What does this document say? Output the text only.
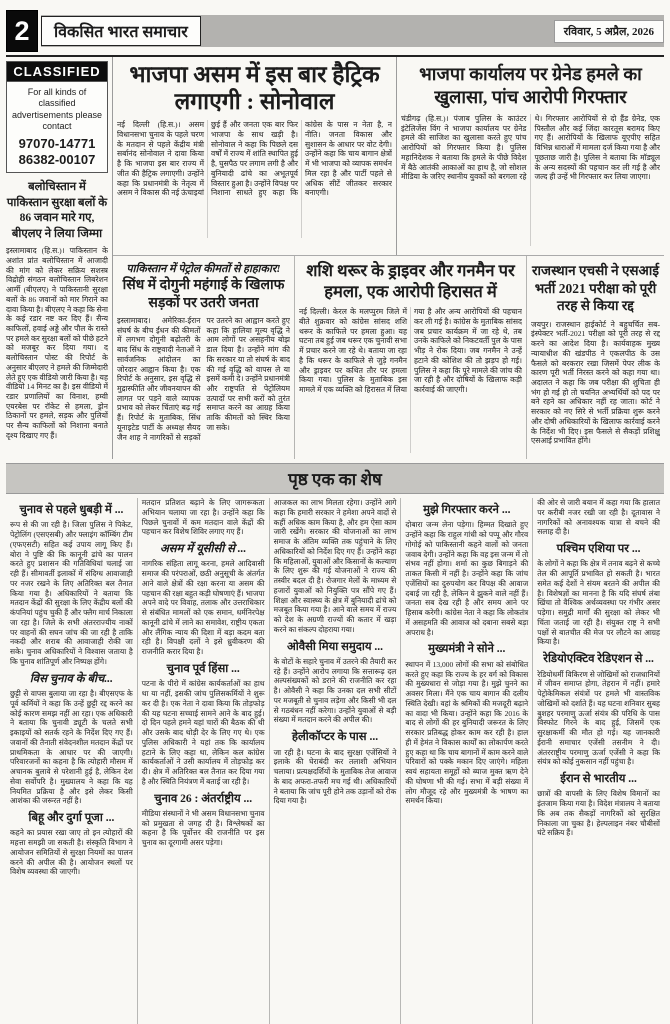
2	विकसित भारत समाचार	रविवार, 5 अप्रैल, 2026
CLASSIFIED
For all kinds of classified advertisements please contact
97070-14771
86382-00107
बलोचिस्तान में पाकिस्तान सुरक्षा बलों के 86 जवान मारे गए, बीएलए ने लिया जिम्मा
इस्लामाबाद (हि.स.)। पाकिस्तान के अशांत प्रांत बलोचिस्तान में आजादी की मांग को लेकर सक्रिय सशस्त्र विद्रोही संगठन बलोचिस्तान लिबरेशन आर्मी (बीएलए) ने पाकिस्तानी सुरक्षा बलों के 86 जवानों को मार गिराने का दावा किया है। बीएलए ने कहा कि सेना के कई रडार नष्ट कर दिए हैं। सैन्य काफिलों, हवाई अड्डे और पौल के रास्ते पर हमले कर सुरक्षा बलों को पीछे हटने को मजबूर कर दिया गया। द बलोचिस्तान पोस्ट की रिपोर्ट के अनुसार बीएलए ने हमले की जिम्मेदारी लेते हुए एक वीडियो जारी किया है। यह वीडियो 14 मिनट का है। इस वीडियो में रडार प्रणालियों का विनाश, हम्वी एयरबेस पर रॉकेट से हमला, ड्रोन ठिकानों पर हमले, सड़क और पुलियों पर सैन्य काफिलों को निशाना बनाते दृश्य दिखाए गए हैं।
भाजपा असम में इस बार हैट्रिक लगाएगी : सोनोवाल
नई दिल्ली (हि.स.)। असम विधानसभा चुनाव के पहले चरण के मतदान से पहले केंद्रीय मंत्री सर्बानंद सोनोवाल ने दावा किया है कि भाजपा इस बार राज्य में जीत की हैट्रिक लगाएगी। उन्होंने कहा कि प्रधानमंत्री के नेतृत्व में असम ने विकास की नई ऊंचाइयां छुई हैं और जनता एक बार फिर भाजपा के साथ खड़ी है। सोनोवाल ने कहा कि पिछले दस वर्षों में राज्य में शांति स्थापित हुई है, घुसपैठ पर लगाम लगी है और बुनियादी ढांचे का अभूतपूर्व विस्तार हुआ है। उन्होंने विपक्ष पर निशाना साधते हुए कहा कि कांग्रेस के पास न नेता है, न नीति। जनता विकास और सुशासन के आधार पर वोट देगी। उन्होंने कहा कि चाय बागान क्षेत्रों में भी भाजपा को व्यापक समर्थन मिल रहा है और पार्टी पहले से अधिक सीटें जीतकर सरकार बनाएगी।
भाजपा कार्यालय पर ग्रेनेड हमले का खुलासा, पांच आरोपी गिरफ्तार
चंडीगढ़ (हि.स.)। पंजाब पुलिस के काउंटर इंटेलिजेंस विंग ने भाजपा कार्यालय पर ग्रेनेड हमले की साजिश का खुलासा करते हुए पांच आरोपियों को गिरफ्तार किया है। पुलिस महानिदेशक ने बताया कि हमले के पीछे विदेश में बैठे आतंकी आकाओं का हाथ है, जो सोशल मीडिया के जरिए स्थानीय युवकों को बरगला रहे थे। गिरफ्तार आरोपियों से दो हैंड ग्रेनेड, एक पिस्तौल और कई जिंदा कारतूस बरामद किए गए हैं। आरोपियों के खिलाफ यूएपीए सहित विभिन्न धाराओं में मामला दर्ज किया गया है और पूछताछ जारी है। पुलिस ने बताया कि मॉड्यूल के अन्य सदस्यों की पहचान कर ली गई है और जल्द ही उन्हें भी गिरफ्तार कर लिया जाएगा।
पाकिस्तान में पेट्रोल कीमतों से हाहाकार!
सिंध में दोगुनी महंगाई के खिलाफ सड़कों पर उतरी जनता
इस्लामाबाद। अमेरिका-ईरान संघर्ष के बीच ईंधन की कीमतों में लगभग दोगुनी बढ़ोतरी के बाद सिंध के राष्ट्रवादी नेताओं ने सार्वजनिक आंदोलन का जोरदार आह्वान किया है। एक रिपोर्ट के अनुसार, इस वृद्धि से मुद्रास्फीति और जीवनयापन की लागत पर पड़ने वाले व्यापक प्रभाव को लेकर चिंताएं बढ़ गई हैं। रिपोर्ट के मुताबिक, सिंध यूनाइटेड पार्टी के अध्यक्ष सैयद जैन शाह ने नागरिकों से सड़कों पर उतरने का आह्वान करते हुए कहा कि हालिया मूल्य वृद्धि ने आम लोगों पर असहनीय बोझ डाल दिया है। उन्होंने मांग की कि सरकार या तो संघर्ष के बाद की गई वृद्धि को वापस ले या इसमें कमी दे। उन्होंने प्रधानमंत्री और राष्ट्रपति से पेट्रोलियम उत्पादों पर सभी करों को तुरंत समाप्त करने का आग्रह किया ताकि कीमतों को स्थिर किया जा सके।
शशि थरूर के ड्राइवर और गनमैन पर हमला, एक आरोपी हिरासत में
नई दिल्ली। केरल के मलप्पुरम जिले में बीते शुक्रवार को कांग्रेस सांसद शशि थरूर के काफिले पर हमला हुआ। यह घटना तब हुई जब थरूर एक चुनावी सभा में प्रचार करने जा रहे थे। बताया जा रहा है कि थरूर के काफिले से जुड़े गनमैन और ड्राइवर पर कथित तौर पर हमला किया गया। पुलिस के मुताबिक इस मामले में एक व्यक्ति को हिरासत में लिया गया है और अन्य आरोपियों की पहचान कर ली गई है। कांग्रेस के मुताबिक सांसद जब प्रचार कार्यक्रम में जा रहे थे, तब उनके काफिले को निकटवर्ती पुल के पास भीड़ ने रोक दिया। जब गनमैन ने उन्हें हटाने की कोशिश की तो झड़प हो गई। पुलिस ने कहा कि पूरे मामले की जांच की जा रही है और दोषियों के खिलाफ कड़ी कार्रवाई की जाएगी।
राजस्थान एचसी ने एसआई भर्ती 2021 परीक्षा को पूरी तरह से किया रद्द
जयपुर। राजस्थान हाईकोर्ट ने बहुचर्चित सब-इंस्पेक्टर भर्ती-2021 परीक्षा को पूरी तरह से रद्द करने का आदेश दिया है। कार्यवाहक मुख्य न्यायाधीश की खंडपीठ ने एकलपीठ के उस फैसले को बरकरार रखा जिसमें पेपर लीक के कारण पूरी भर्ती निरस्त करने को कहा गया था। अदालत ने कहा कि जब परीक्षा की शुचिता ही भंग हो गई हो तो चयनित अभ्यर्थियों को पद पर बने रहने का अधिकार नहीं रह जाता। कोर्ट ने सरकार को नए सिरे से भर्ती प्रक्रिया शुरू करने और दोषी अधिकारियों के खिलाफ कार्रवाई करने के निर्देश भी दिए। इस फैसले से सैकड़ों प्रशिक्षु एसआई प्रभावित होंगे।
पृष्ठ एक का शेष
चुनाव से पहले धुबड़ी में ...
रूप से की जा रही है। जिला पुलिस ने पिकेट, पेट्रोलिंग (एसएसबी) और फ्लाइंग कॉम्बिंग टीम (एफएसटी) सहित कई उपाय लागू किए हैं। बोरा ने पुष्टि की कि कानूनी ढांचे का पालन करते हुए प्रशासन की गतिविधियां चलाई जा रही हैं। सीमावर्ती इलाकों में संदिग्ध आवाजाही पर नजर रखने के लिए अतिरिक्त बल तैनात किया गया है। अधिकारियों ने बताया कि मतदान केंद्रों की सुरक्षा के लिए केंद्रीय बलों की कंपनियां पहुंच चुकी हैं और फ्लैग मार्च निकाला जा रहा है। जिले के सभी अंतरराज्यीय नाकों पर वाहनों की सघन जांच की जा रही है ताकि नकदी और शराब की आवाजाही रोकी जा सके। चुनाव अधिकारियों ने विश्वास जताया है कि चुनाव शांतिपूर्ण और निष्पक्ष होंगे।
विस चुनाव के बीच...
छुट्टी से वापस बुलाया जा रहा है। बीएसएफ के पूर्व कर्मियों ने कहा कि उन्हें छुट्टी रद्द करने का कोई कारण समझ नहीं आ रहा। एक अधिकारी ने बताया कि चुनावी ड्यूटी के चलते सभी इकाइयों को सतर्क रहने के निर्देश दिए गए हैं। जवानों की तैनाती संवेदनशील मतदान केंद्रों पर प्राथमिकता के आधार पर की जाएगी। परिवारजनों का कहना है कि त्योहारी मौसम में अचानक बुलावे से परेशानी हुई है, लेकिन देश सेवा सर्वोपरि है। मुख्यालय ने कहा कि यह नियमित प्रक्रिया है और इसे लेकर किसी आशंका की जरूरत नहीं है।
बिहू और दुर्गा पूजा ...
कहने का प्रयास रखा जाए तो इन त्योहारों की महत्ता समझी जा सकती है। संस्कृति विभाग ने आयोजन समितियों से सुरक्षा नियमों का पालन करने की अपील की है। आयोजन स्थलों पर विशेष व्यवस्था की जाएगी।
मतदान प्रतिशत बढ़ाने के लिए जागरूकता अभियान चलाया जा रहा है। उन्होंने कहा कि पिछले चुनावों में कम मतदान वाले केंद्रों की पहचान कर विशेष शिविर लगाए गए हैं।
असम में यूसीसी से ...
नागरिक संहिता लागू करना, हमले आदिवासी समाज की परंपराओं, छठी अनुसूची के अंतर्गत आने वाले क्षेत्रों की रक्षा करना या असम की पहचान की रक्षा बहुत कड़ी घोषणाएं हैं। भाजपा अपने वादे पर विवाह, तलाक और उत्तराधिकार से संबंधित मामलों को एक समान, धर्मनिरपेक्ष कानूनी ढांचे में लाने का समावेश, राष्ट्रीय एकता और लैंगिक न्याय की दिशा में बड़ा कदम बता रही है। विपक्षी दलों ने इसे ध्रुवीकरण की राजनीति करार दिया है।
चुनाव पूर्व हिंसा ...
पटना के पीरो में कांग्रेस कार्यकर्ताओं का हाथ था या नहीं, इसकी जांच पुलिसकर्मियों ने शुरू कर दी है। एक नेता ने दावा किया कि तोड़फोड़ की यह घटना सच्चाई सामने आने के बाद हुई। दो दिन पहले हमने यहां चारों की बैठक की थी और उसके बाद थोड़ी देर के लिए गए थे। एक पुलिस अधिकारी ने यहां तक कि कार्यालय हटाने के लिए कहा था, लेकिन कल कांग्रेस कार्यकर्ताओं ने उसी कार्यालय में तोड़फोड़ कर दी। क्षेत्र में अतिरिक्त बल तैनात कर दिया गया है और स्थिति नियंत्रण में बताई जा रही है।
चुनाव 26 : अंतर्राष्ट्रीय ...
मीडिया संस्थानों ने भी असम विधानसभा चुनाव को प्रमुखता से जगह दी है। विश्लेषकों का कहना है कि पूर्वोत्तर की राजनीति पर इस चुनाव का दूरगामी असर पड़ेगा।
आजकल का लाभ मिलता रहेगा। उन्होंने आगे कहा कि हमारी सरकार ने हमेशा अपने वादों से कहीं अधिक काम किया है, और हम ऐसा काम जारी रखेंगे। सरकार की योजनाओं का लाभ समाज के अंतिम व्यक्ति तक पहुंचाने के लिए अधिकारियों को निर्देश दिए गए हैं। उन्होंने कहा कि महिलाओं, युवाओं और किसानों के कल्याण के लिए शुरू की गई योजनाओं ने राज्य की तस्वीर बदल दी है। रोजगार मेलों के माध्यम से हजारों युवाओं को नियुक्ति पत्र सौंपे गए हैं। शिक्षा और स्वास्थ्य के क्षेत्र में बुनियादी ढांचे को मजबूत किया गया है। आने वाले समय में राज्य को देश के अग्रणी राज्यों की कतार में खड़ा करने का संकल्प दोहराया गया।
ओवैसी मिया समुदाय ...
के वोटों के सहारे चुनाव में उतरने की तैयारी कर रहे हैं। उन्होंने आरोप लगाया कि सत्तारूढ़ दल अल्पसंख्यकों को डराने की राजनीति कर रहा है। ओवैसी ने कहा कि उनका दल सभी सीटों पर मजबूती से चुनाव लड़ेगा और किसी भी दल से गठबंधन नहीं करेगा। उन्होंने युवाओं से बड़ी संख्या में मतदान करने की अपील की।
हेलीकॉप्टर के पास ...
जा रही है। घटना के बाद सुरक्षा एजेंसियों ने इलाके की घेराबंदी कर तलाशी अभियान चलाया। प्रत्यक्षदर्शियों के मुताबिक तेज आवाज के बाद अफरा-तफरी मच गई थी। अधिकारियों ने बताया कि जांच पूरी होने तक उड़ानों को रोक दिया गया है।
मुझे गिरफ्तार करने ...
दोबारा जन्म लेना पड़ेगा। हिम्मत दिखाते हुए उन्होंने कहा कि राहुल गांधी को पप्पू और गौरव गोगोई को पाकिस्तानी कहने वालों को जनता जवाब देगी। उन्होंने कहा कि वह इस जन्म में तो संभव नहीं होगा। शर्मा का कुछ बिगाड़ने की ताकत किसी में नहीं है। उन्होंने कहा कि जांच एजेंसियों का दुरुपयोग कर विपक्ष की आवाज दबाई जा रही है, लेकिन वे झुकने वाले नहीं हैं। जनता सब देख रही है और समय आने पर हिसाब करेगी। कांग्रेस नेता ने कहा कि लोकतंत्र में असहमति की आवाज को दबाना सबसे बड़ा अपराध है।
मुख्यमंत्री ने सोने ...
स्थापन में 13,000 लोगों की सभा को संबोधित करते हुए कहा कि राज्य के हर वर्ग को विकास की मुख्यधारा से जोड़ा गया है। मुझे चुनने का अवसर मिला। मैंने एक चाय बागान की दलीय स्थिति देखी। वहां के श्रमिकों की मजदूरी बढ़ाने का वादा भी किया। उन्होंने कहा कि 2016 के बाद से लोगों की हर बुनियादी जरूरत के लिए सरकार प्रतिबद्ध होकर काम कर रही है। हाल ही में हेमंत ने विकास कार्यों का लोकार्पण करते हुए कहा था कि चाय बागानों में काम करने वाले परिवारों को पक्के मकान दिए जाएंगे। महिला स्वयं सहायता समूहों को ब्याज मुक्त ऋण देने की घोषणा भी की गई। सभा में बड़ी संख्या में लोग मौजूद रहे और मुख्यमंत्री के भाषण का समर्थन किया।
की ओर से जारी बयान में कहा गया कि हालात पर करीबी नजर रखी जा रही है। दूतावास ने नागरिकों को अनावश्यक यात्रा से बचने की सलाह दी है।
पश्चिम एशिया पर ...
के लोगों ने कहा कि क्षेत्र में तनाव बढ़ने से कच्चे तेल की आपूर्ति प्रभावित हो सकती है। भारत समेत कई देशों ने संयम बरतने की अपील की है। विशेषज्ञों का मानना है कि यदि संघर्ष लंबा खिंचा तो वैश्विक अर्थव्यवस्था पर गंभीर असर पड़ेगा। समुद्री मार्गों की सुरक्षा को लेकर भी चिंता जताई जा रही है। संयुक्त राष्ट्र ने सभी पक्षों से बातचीत की मेज पर लौटने का आग्रह किया है।
रेडियोएक्टिव रेडिएशन से ...
रेडियोधर्मी विकिरण से जोखिमों को राजधानियों में जीवन समाप्त होगा, तेहरान में नहीं। हमारे पेट्रोकेमिकल संयंत्रों पर हमले भी वास्तविक जोखिमों को दर्शाते हैं। यह घटना शनिवार सुबह बुशहर परमाणु ऊर्जा संयंत्र की परिधि के पास विस्फोट गिरने के बाद हुई, जिसमें एक सुरक्षाकर्मी की मौत हो गई। यह जानकारी ईरानी समाचार एजेंसी तसनीम ने दी। अंतरराष्ट्रीय परमाणु ऊर्जा एजेंसी ने कहा कि संयंत्र को कोई नुकसान नहीं पहुंचा है।
ईरान से भारतीय ...
छात्रों की वापसी के लिए विशेष विमानों का इंतजाम किया गया है। विदेश मंत्रालय ने बताया कि अब तक सैकड़ों नागरिकों को सुरक्षित निकाला जा चुका है। हेल्पलाइन नंबर चौबीसों घंटे सक्रिय हैं।
